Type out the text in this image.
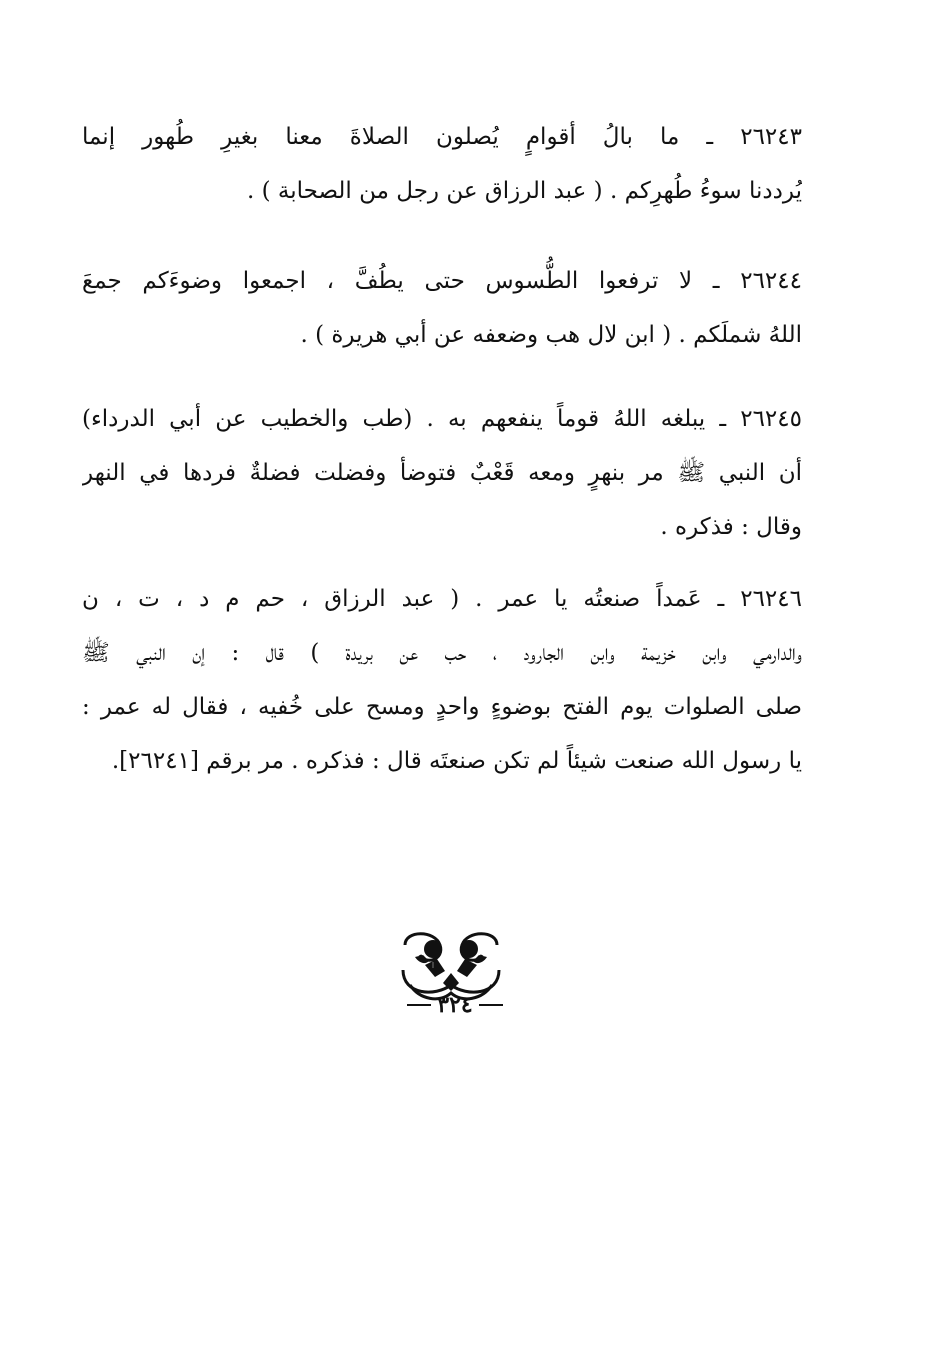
٢٦٢٤٣ ـ ما بالُ أقوامٍ يُصلون الصلاةَ معنا بغيرِ طُهور إنما
يُرددنا سوءُ طُهرِكم . ( عبد الرزاق عن رجل من الصحابة ) .
٢٦٢٤٤ ـ لا ترفعوا الطُّسوس حتى يطُفَّ ، اجمعوا وضوءَكم جمعَ
اللهُ شملَكم . ( ابن لال هب وضعفه عن أبي هريرة ) .
٢٦٢٤٥ ـ يبلغه اللهُ قوماً ينفعهم به . (طب والخطيب عن أبي الدرداء)
أن النبي ﷺ مر بنهرٍ ومعه قَعْبٌ فتوضأ وفضلت فضلةٌ فردها في النهر
وقال : فذكره .
٢٦٢٤٦ ـ عَمداً صنعتُه يا عمر . ( عبد الرزاق ، حم م د ، ت ، ن
والدارمي وابن خزيمة وابن الجارود ، حب عن بريدة ) قال : إن النبي ﷺ
صلى الصلوات يوم الفتح بوضوءٍ واحدٍ ومسح على خُفيه ، فقال له عمر :
يا رسول الله صنعت شيئاً لم تكن صنعتَه قال : فذكره . مر برقم [٢٦٢٤١].
٣٢٤
